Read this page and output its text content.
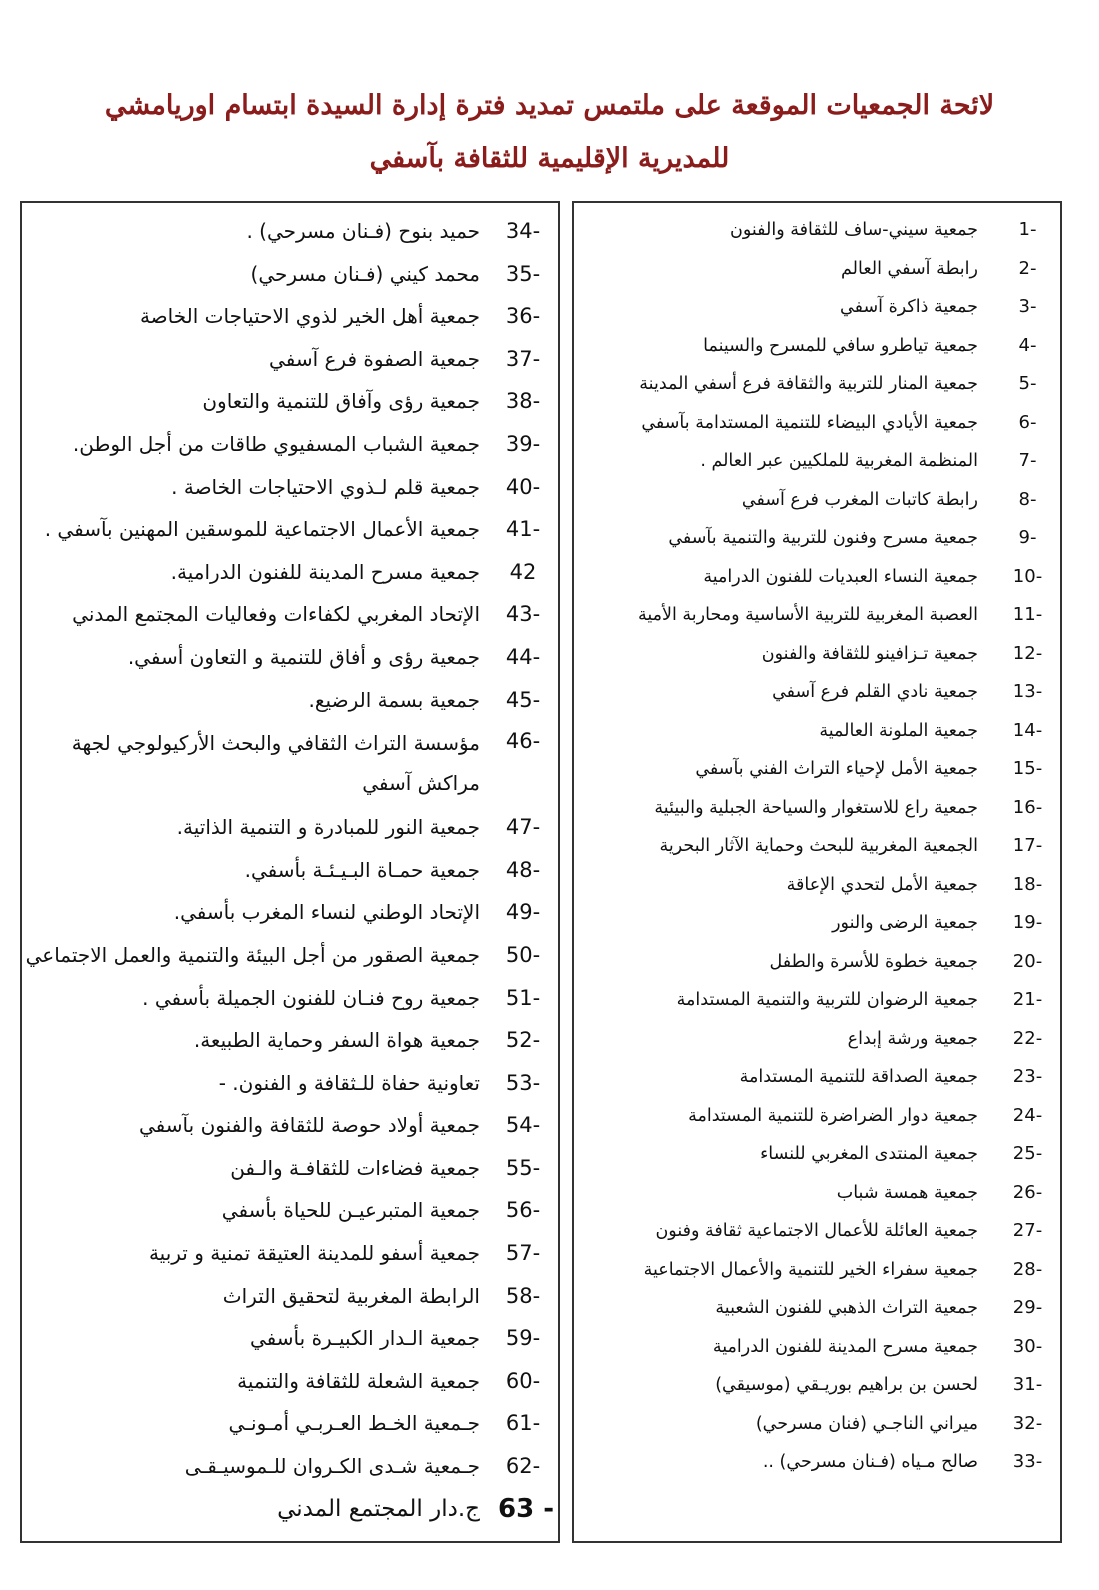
لائحة الجمعيات الموقعة على ملتمس تمديد فترة إدارة السيدة ابتسام اوريامشي
للمديرية الإقليمية للثقافة بآسفي
1-
جمعية سيني-ساف للثقافة والفنون
2-
رابطة آسفي العالم
3-
جمعية ذاكرة آسفي
4-
جمعية تياطرو سافي للمسرح والسينما
5-
جمعية المنار للتربية والثقافة فرع أسفي المدينة
6-
جمعية الأيادي البيضاء للتنمية المستدامة بآسفي
7-
المنظمة المغربية للملكيين عبر العالم .
8-
رابطة كاتبات المغرب فرع آسفي
9-
جمعية مسرح وفنون للتربية والتنمية بآسفي
10-
جمعية النساء العبديات للفنون الدرامية
11-
العصبة المغربية للتربية الأساسية ومحاربة الأمية
12-
جمعية تـزافينو للثقافة والفنون
13-
جمعية نادي القلم فرع آسفي
14-
جمعية الملونة العالمية
15-
جمعية الأمل لإحياء التراث الفني بآسفي
16-
جمعية راع للاستغوار والسياحة الجبلية والبيئية
17-
الجمعية المغربية للبحث وحماية الآثار البحرية
18-
جمعية الأمل لتحدي الإعاقة
19-
جمعية الرضى والنور
20-
جمعية خطوة للأسرة والطفل
21-
جمعية الرضوان للتربية والتنمية المستدامة
22-
جمعية ورشة إبداع
23-
جمعية الصداقة للتنمية المستدامة
24-
جمعية دوار الضراضرة للتنمية المستدامة
25-
جمعية المنتدى المغربي للنساء
26-
جمعية همسة شباب
27-
جمعية العائلة للأعمال الاجتماعية ثقافة وفنون
28-
جمعية سفراء الخير للتنمية والأعمال الاجتماعية
29-
جمعية التراث الذهبي للفنون الشعبية
30-
جمعية مسرح المدينة للفنون الدرامية
31-
لحسن بن براهيم بوريـقي (موسيقي)
32-
ميراني الناجـي (فنان مسرحي)
33-
صالح مـياه (فـنان مسرحي) ..
34-
حميد بنوح (فـنان مسرحي) .
35-
محمد كيني (فـنان مسرحي)
36-
جمعية أهل الخير لذوي الاحتياجات الخاصة
37-
جمعية الصفوة فرع آسفي
38-
جمعية رؤى وآفاق للتنمية والتعاون
39-
جمعية الشباب المسفيوي طاقات من أجل الوطن.
40-
جمعية قلم لـذوي الاحتياجات الخاصة .
41-
جمعية الأعمال الاجتماعية للموسقين المهنين بآسفي .
42
جمعية مسرح المدينة للفنون الدرامية.
43-
الإتحاد المغربي لكفاءات وفعاليات المجتمع المدني
44-
جمعية رؤى و أفاق للتنمية و التعاون أسفي.
45-
جمعية بسمة الرضيع.
46-
مؤسسة التراث الثقافي والبحث الأركيولوجي لجهة مراكش آسفي
47-
جمعية النور للمبادرة و التنمية الذاتية.
48-
جمعية حمـاة البـيـئـة بأسفي.
49-
الإتحاد الوطني لنساء المغرب بأسفي.
50-
جمعية الصقور من أجل البيئة والتنمية والعمل الاجتماعي
51-
جمعية روح فنـان للفنون الجميلة بأسفي .
52-
جمعية هواة السفر وحماية الطبيعة.
53-
تعاونية حفاة للـثقافة و الفنون. -
54-
جمعية أولاد حوصة للثقافة والفنون بآسفي
55-
جمعية فضاءات للثقافـة والـفن
56-
جمعية المتبرعيـن للحياة بأسفي
57-
جمعية أسفو للمدينة العتيقة تمنية و تربية
58-
الرابطة المغربية لتحقيق التراث
59-
جمعية الـدار الكبيـرة بأسفي
60-
جمعية الشعلة للثقافة والتنمية
61-
جـمعية الخـط العـربـي أمـونـي
62-
جـمعية شـدى الكـروان للـموسيـقـى
63 -
ج.دار المجتمع المدني
